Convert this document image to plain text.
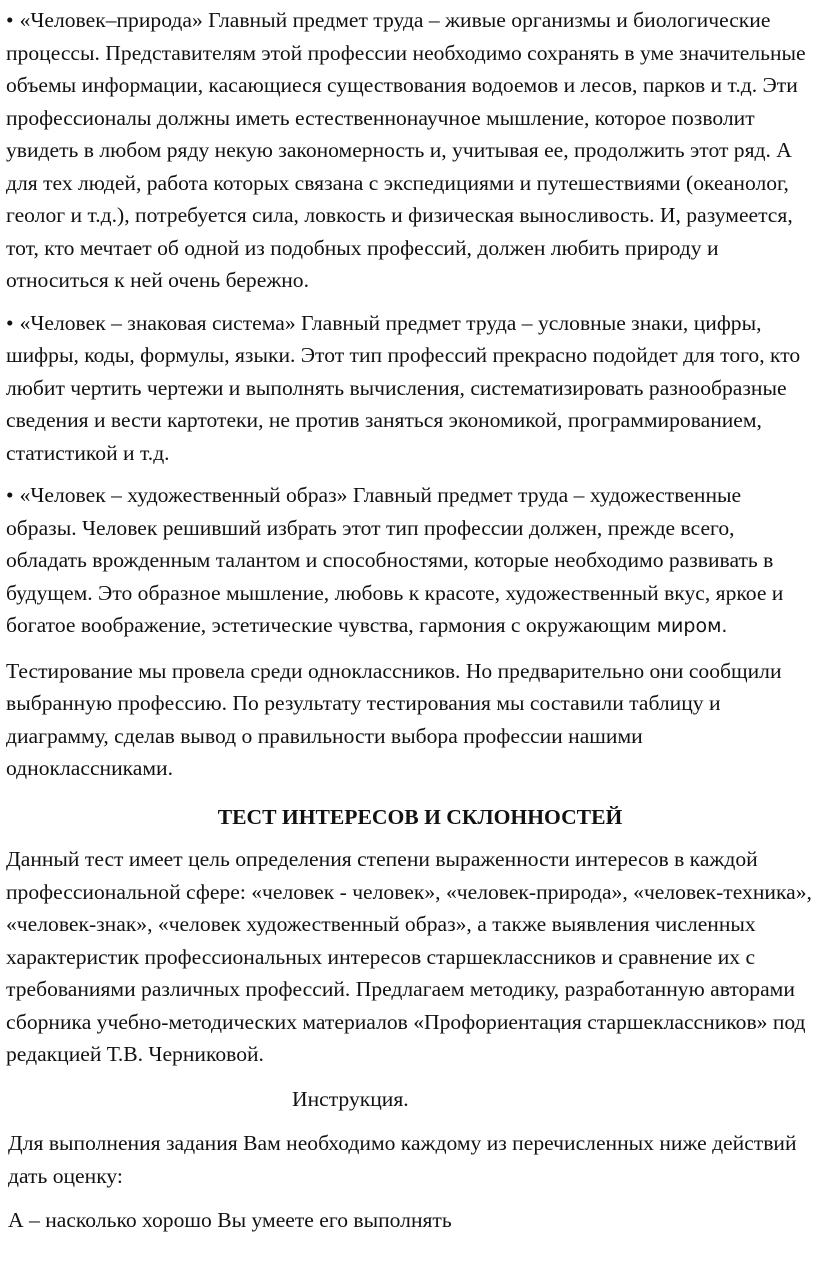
• «Человек–природа» Главный предмет труда – живые организмы и биологические процессы. Представителям этой профессии необходимо сохранять в уме значительные объемы информации, касающиеся существования водоемов и лесов, парков и т.д. Эти профессионалы должны иметь естественнонаучное мышление, которое позволит увидеть в любом ряду некую закономерность и, учитывая ее, продолжить этот ряд. А для тех людей, работа которых связана с экспедициями и путешествиями (океанолог, геолог и т.д.), потребуется сила, ловкость и физическая выносливость. И, разумеется, тот, кто мечтает об одной из подобных профессий, должен любить природу и относиться к ней очень бережно.

• «Человек – знаковая система» Главный предмет труда – условные знаки, цифры, шифры, коды, формулы, языки. Этот тип профессий прекрасно подойдет для того, кто любит чертить чертежи и выполнять вычисления, систематизировать разнообразные сведения и вести картотеки, не против заняться экономикой, программированием, статистикой и т.д.

• «Человек – художественный образ» Главный предмет труда – художественные образы. Человек решивший избрать этот тип профессии должен, прежде всего, обладать врожденным талантом и способностями, которые необходимо развивать в будущем. Это образное мышление, любовь к красоте, художественный вкус, яркое и богатое воображение, эстетические чувства, гармония с окружающим миром.

Тестирование мы провела среди одноклассников. Но предварительно они сообщили выбранную профессию. По результату тестирования мы составили таблицу и диаграмму, сделав вывод о правильности выбора профессии нашими одноклассниками.

ТЕСТ ИНТЕРЕСОВ И СКЛОННОСТЕЙ

Данный тест имеет цель определения степени выраженности интересов в каждой профессиональной сфере: «человек - человек», «человек-природа», «человек-техника», «человек-знак», «человек художественный образ», а также выявления численных характеристик профессиональных интересов старшеклассников и сравнение их с требованиями различных профессий. Предлагаем методику, разработанную авторами сборника учебно-методических материалов «Профориентация старшеклассников» под редакцией Т.В. Черниковой.

Инструкция.

Для выполнения задания Вам необходимо каждому из перечисленных ниже действий дать оценку:

А – насколько хорошо Вы умеете его выполнять
